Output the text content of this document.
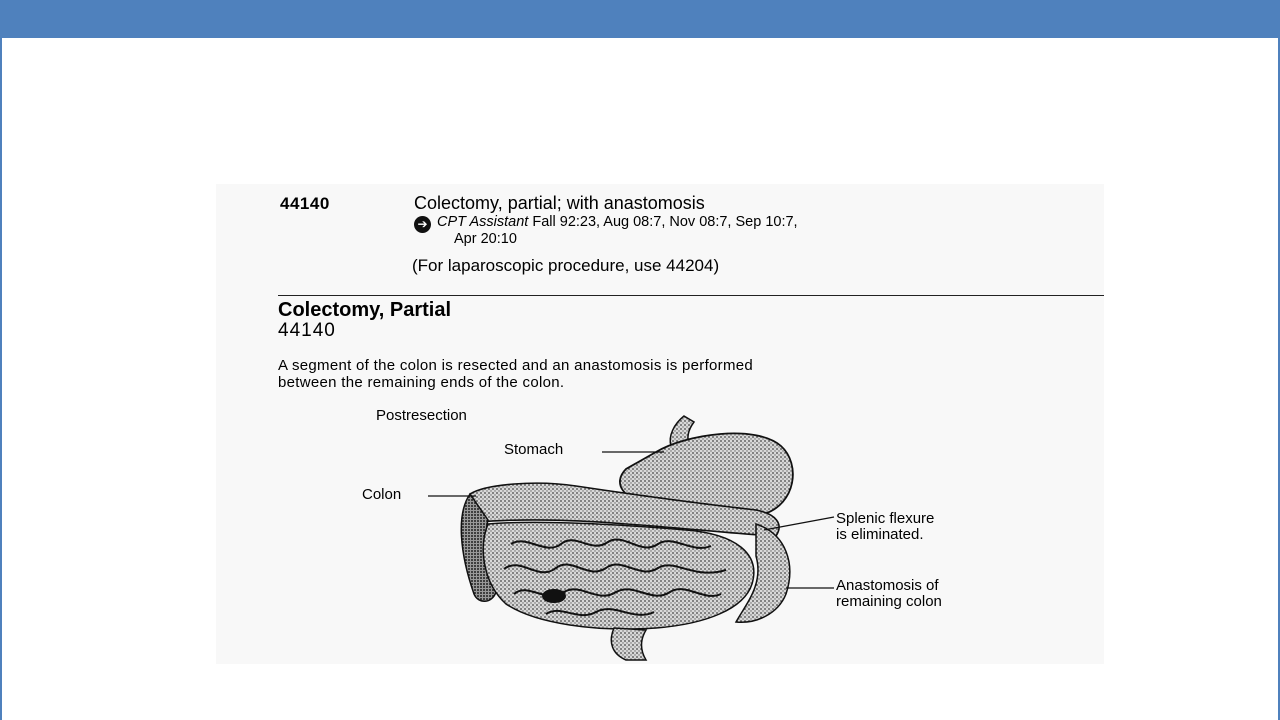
44140	Colectomy, partial; with anastomosis
➔ CPT Assistant Fall 92:23, Aug 08:7, Nov 08:7, Sep 10:7,
Apr 20:10
(For laparoscopic procedure, use 44204)
Colectomy, Partial
44140
A segment of the colon is resected and an anastomosis is performed
between the remaining ends of the colon.
Postresection
Stomach
Colon
Splenic flexure
is eliminated.
Anastomosis of
remaining colon
